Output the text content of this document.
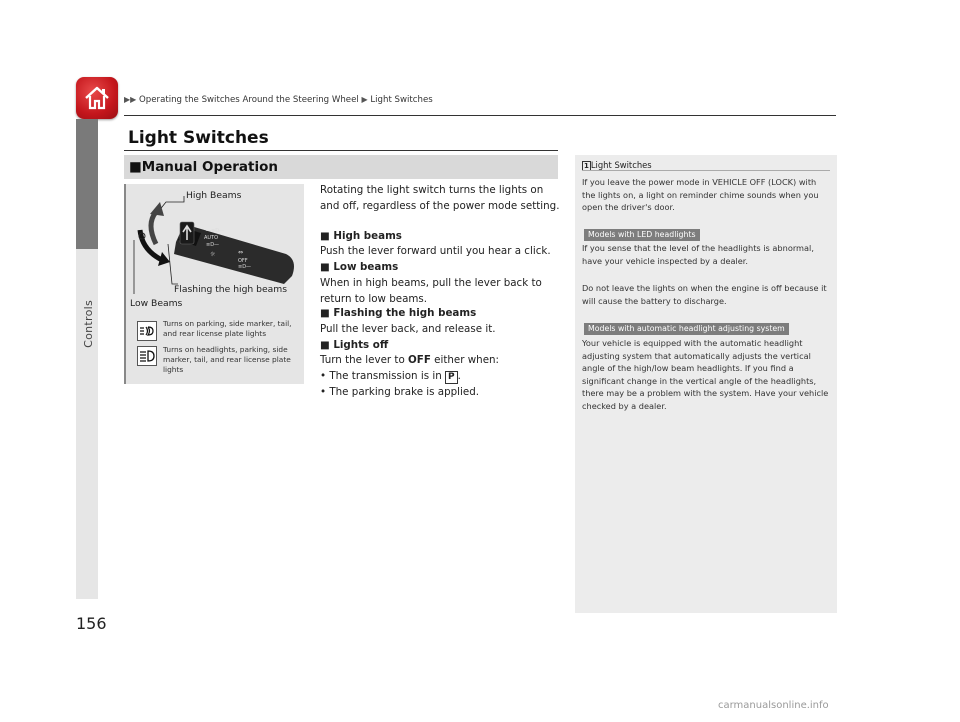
Controls
156
▶▶ Operating the Switches Around the Steering Wheel ▶ Light Switches
Light Switches
■Manual Operation
—≡D—
AUTO
≡D—
☼	⇔
OFF
≡D—
High Beams
Flashing the high beams
Low Beams
Turns on parking, side marker, tail, and rear license plate lights
Turns on headlights, parking, side marker, tail, and rear license plate lights
Rotating the light switch turns the lights on and off, regardless of the power mode setting.
■ High beams
Push the lever forward until you hear a click.
■ Low beams
When in high beams, pull the lever back to return to low beams.
■ Flashing the high beams
Pull the lever back, and release it.
■ Lights off
Turn the lever to OFF either when:
• The transmission is in P .
• The parking brake is applied.
1 Light Switches
If you leave the power mode in VEHICLE OFF (LOCK) with the lights on, a light on reminder chime sounds when you open the driver's door.
Models with LED headlights
If you sense that the level of the headlights is abnormal, have your vehicle inspected by a dealer.
Do not leave the lights on when the engine is off because it will cause the battery to discharge.
Models with automatic headlight adjusting system
Your vehicle is equipped with the automatic headlight adjusting system that automatically adjusts the vertical angle of the high/low beam headlights. If you find a significant change in the vertical angle of the headlights, there may be a problem with the system. Have your vehicle checked by a dealer.
carmanualsonline.info
